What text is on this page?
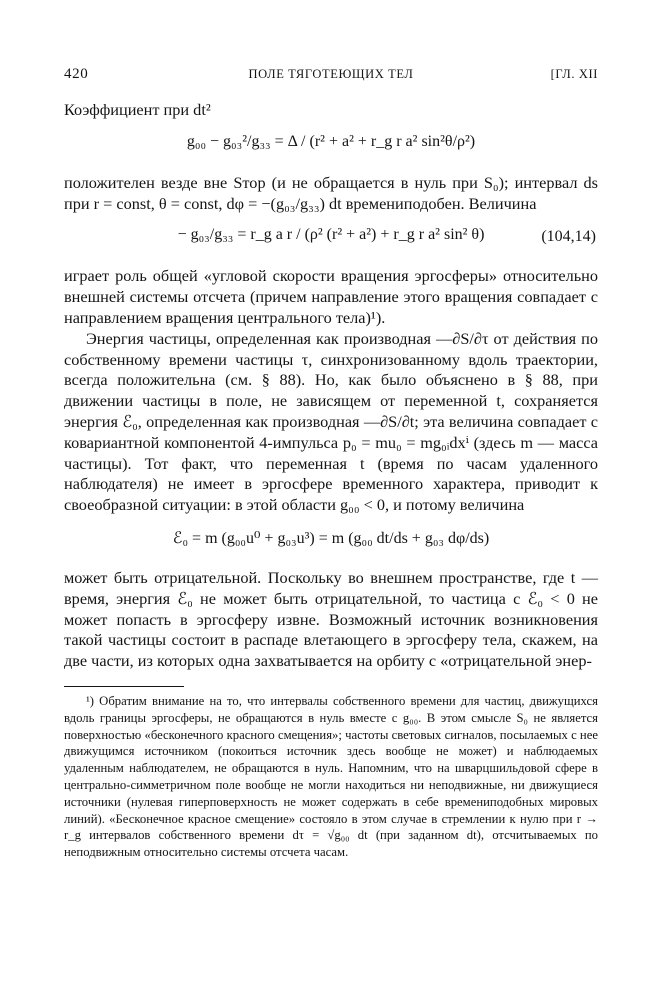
420	ПОЛЕ ТЯГОТЕЮЩИХ ТЕЛ	[ГЛ. XII

Коэффициент при dt²

g₀₀ − g₀₃²/g₃₃ = Δ / (r² + a² + r_g r a² sin²θ/ρ²)

положителен везде вне Sтор (и не обращается в нуль при S₀); интервал ds при r = const, θ = const, dφ = −(g₀₃/g₃₃) dt времениподобен. Величина

− g₀₃/g₃₃ = r_g a r / (ρ² (r² + a²) + r_g r a² sin² θ)	(104,14)

играет роль общей «угловой скорости вращения эргосферы» относительно внешней системы отсчета (причем направление этого вращения совпадает с направлением вращения центрального тела)¹).

Энергия частицы, определенная как производная —∂S/∂τ от действия по собственному времени частицы τ, синхронизованному вдоль траектории, всегда положительна (см. § 88). Но, как было объяснено в § 88, при движении частицы в поле, не зависящем от переменной t, сохраняется энергия ℰ₀, определенная как производная —∂S/∂t; эта величина совпадает с ковариантной компонентой 4-импульса p₀ = mu₀ = mg₀ᵢdxⁱ (здесь m — масса частицы). Тот факт, что переменная t (время по часам удаленного наблюдателя) не имеет в эргосфере временного характера, приводит к своеобразной ситуации: в этой области g₀₀ < 0, и потому величина

ℰ₀ = m (g₀₀u⁰ + g₀₃u³) = m (g₀₀ dt/ds + g₀₃ dφ/ds)

может быть отрицательной. Поскольку во внешнем пространстве, где t — время, энергия ℰ₀ не может быть отрицательной, то частица с ℰ₀ < 0 не может попасть в эргосферу извне. Возможный источник возникновения такой частицы состоит в распаде влетающего в эргосферу тела, скажем, на две части, из которых одна захватывается на орбиту с «отрицательной энер-

¹) Обратим внимание на то, что интервалы собственного времени для частиц, движущихся вдоль границы эргосферы, не обращаются в нуль вместе с g₀₀. В этом смысле S₀ не является поверхностью «бесконечного красного смещения»; частоты световых сигналов, посылаемых с нее движущимся источником (покоиться источник здесь вообще не может) и наблюдаемых удаленным наблюдателем, не обращаются в нуль. Напомним, что на шварцшильдовой сфере в центрально-симметричном поле вообще не могли находиться ни неподвижные, ни движущиеся источники (нулевая гиперповерхность не может содержать в себе времениподобных мировых линий). «Бесконечное красное смещение» состояло в этом случае в стремлении к нулю при r → r_g интервалов собственного времени dτ = √g₀₀ dt (при заданном dt), отсчитываемых по неподвижным относительно системы отсчета часам.
